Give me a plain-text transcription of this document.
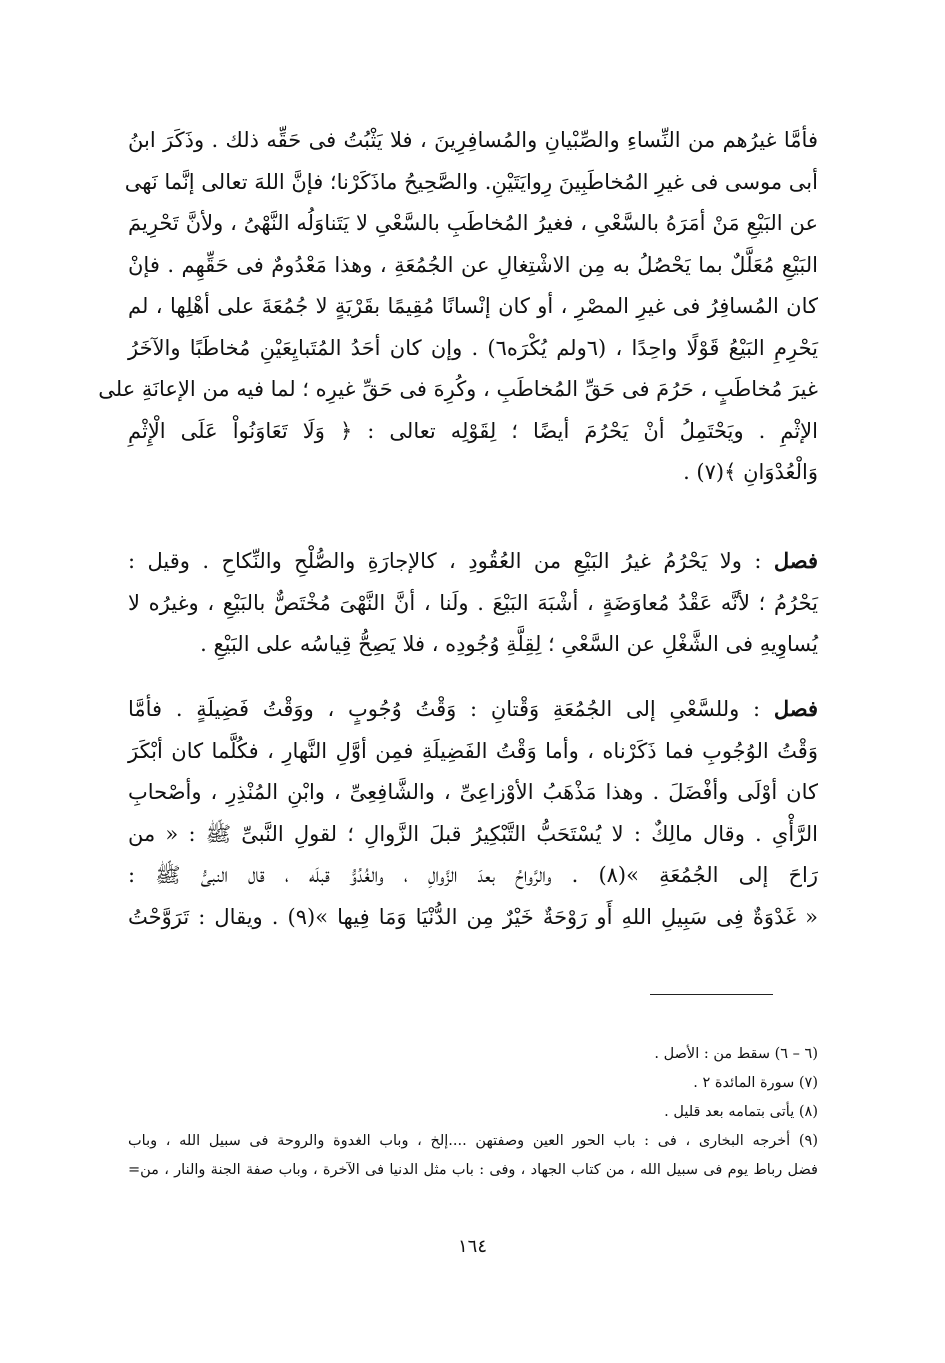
فأمَّا غيرُهم من النِّساءِ والصِّبْيانِ والمُسافِرِينَ ، فلا يَثْبُتُ فى حَقِّه ذلك . وذَكَرَ ابنُ
أبى موسى فى غيرِ المُخاطَبِينَ رِوايَتَيْنِ. والصَّحِيحُ ماذَكَرْنا؛ فإنَّ اللهَ تعالى إنَّما نَهى
عن البَيْعِ مَنْ أمَرَهُ بالسَّعْىِ ، فغيرُ المُخاطَبِ بالسَّعْىِ لا يَتَناوَلُه النَّهْىُ ، ولأنَّ تَحْرِيمَ
البَيْعِ مُعَلَّلٌ بما يَحْصُلُ به مِن الاشْتِغالِ عن الجُمُعَةِ ، وهذا مَعْدُومٌ فى حَقِّهِم . فإنْ
كان المُسافِرُ فى غيرِ المصْرِ ، أو كان إنْسانًا مُقِيمًا بقَرْيَةٍ لا جُمُعَةَ على أهْلِها ، لم
يَحْرِمِ البَيْعُ قَوْلًا واحِدًا ، (٦ولم يُكْرَه٦) . وإن كان أحَدُ المُتَبايِعَيْنِ مُخاطَبًا والآخَرُ
غيرَ مُخاطَبٍ ، حَرُمَ فى حَقِّ المُخاطَبِ ، وكُرِهَ فى حَقِّ غيرِه ؛ لما فيه من الإعانَةِ على
الإثْمِ . ويَحْتَمِلُ أنْ يَحْرُمَ أيضًا ؛ لِقَوْلِه تعالى : ﴿ وَلَا تَعَاوَنُواْ عَلَى الْإِثْمِ
وَالْعُدْوَانِ ﴾(٧) .
فصل : ولا يَحْرُمُ غيرُ البَيْعِ من العُقُودِ ، كالإجارَةِ والصُّلْحِ والنِّكاحِ . وقيل :
يَحْرُمُ ؛ لأنَّه عَقْدُ مُعاوَضَةٍ ، أشْبَهَ البَيْعَ . ولَنا ، أنَّ النَّهْىَ مُخْتَصٌّ بالبَيْعِ ، وغيرُه لا
يُساوِيهِ فى الشَّغْلِ عن السَّعْىِ ؛ لِقِلَّةِ وُجُودِه ، فلا يَصِحُّ قِياسُه على البَيْعِ .
فصل : وللسَّعْىِ إلى الجُمُعَةِ وَقْتانِ : وَقْتُ وُجُوبٍ ، ووَقْتُ فَضِيلَةٍ . فأمَّا
وَقْتُ الوُجُوبِ فما ذَكَرْناه ، وأما وَقْتُ الفَضِيلَةِ فمِن أوَّلِ النَّهارِ ، فكُلَّما كان أبْكَرَ
كان أوْلَى وأفْضَلَ . وهذا مَذْهَبُ الأوْزاعِىِّ ، والشَّافِعِىِّ ، وابْنِ المُنْذِرِ ، وأصْحابِ
الرَّأْىِ . وقال مالِكٌ : لا يُسْتَحَبُّ التَّبْكِيرُ قبلَ الزَّوالِ ؛ لقولِ النَّبىِّ ﷺ : « من
رَاحَ إلى الجُمُعَةِ »(٨) . والرَّواحُ بعدَ الزَّوالِ ، والغُدُوُّ قبلَه ، قال النبىُّ ﷺ :
« غَدْوَةٌ فِى سَبِيلِ اللهِ أَو رَوْحَةٌ خَيْرٌ مِن الدُّنْيَا وَمَا فِيها »(٩) . ويقال : تَرَوَّحْتُ
(٦ – ٦) سقط من : الأصل .
(٧) سورة المائدة ٢ .
(٨) يأتى بتمامه بعد قليل .
(٩) أخرجه البخارى ، فى : باب الحور العين وصفتهن ....إلخ ، وباب الغدوة والروحة فى سبيل الله ، وباب
فضل رباط يوم فى سبيل الله ، من كتاب الجهاد ، وفى : باب مثل الدنيا فى الآخرة ، وباب صفة الجنة والنار ، من=
١٦٤
